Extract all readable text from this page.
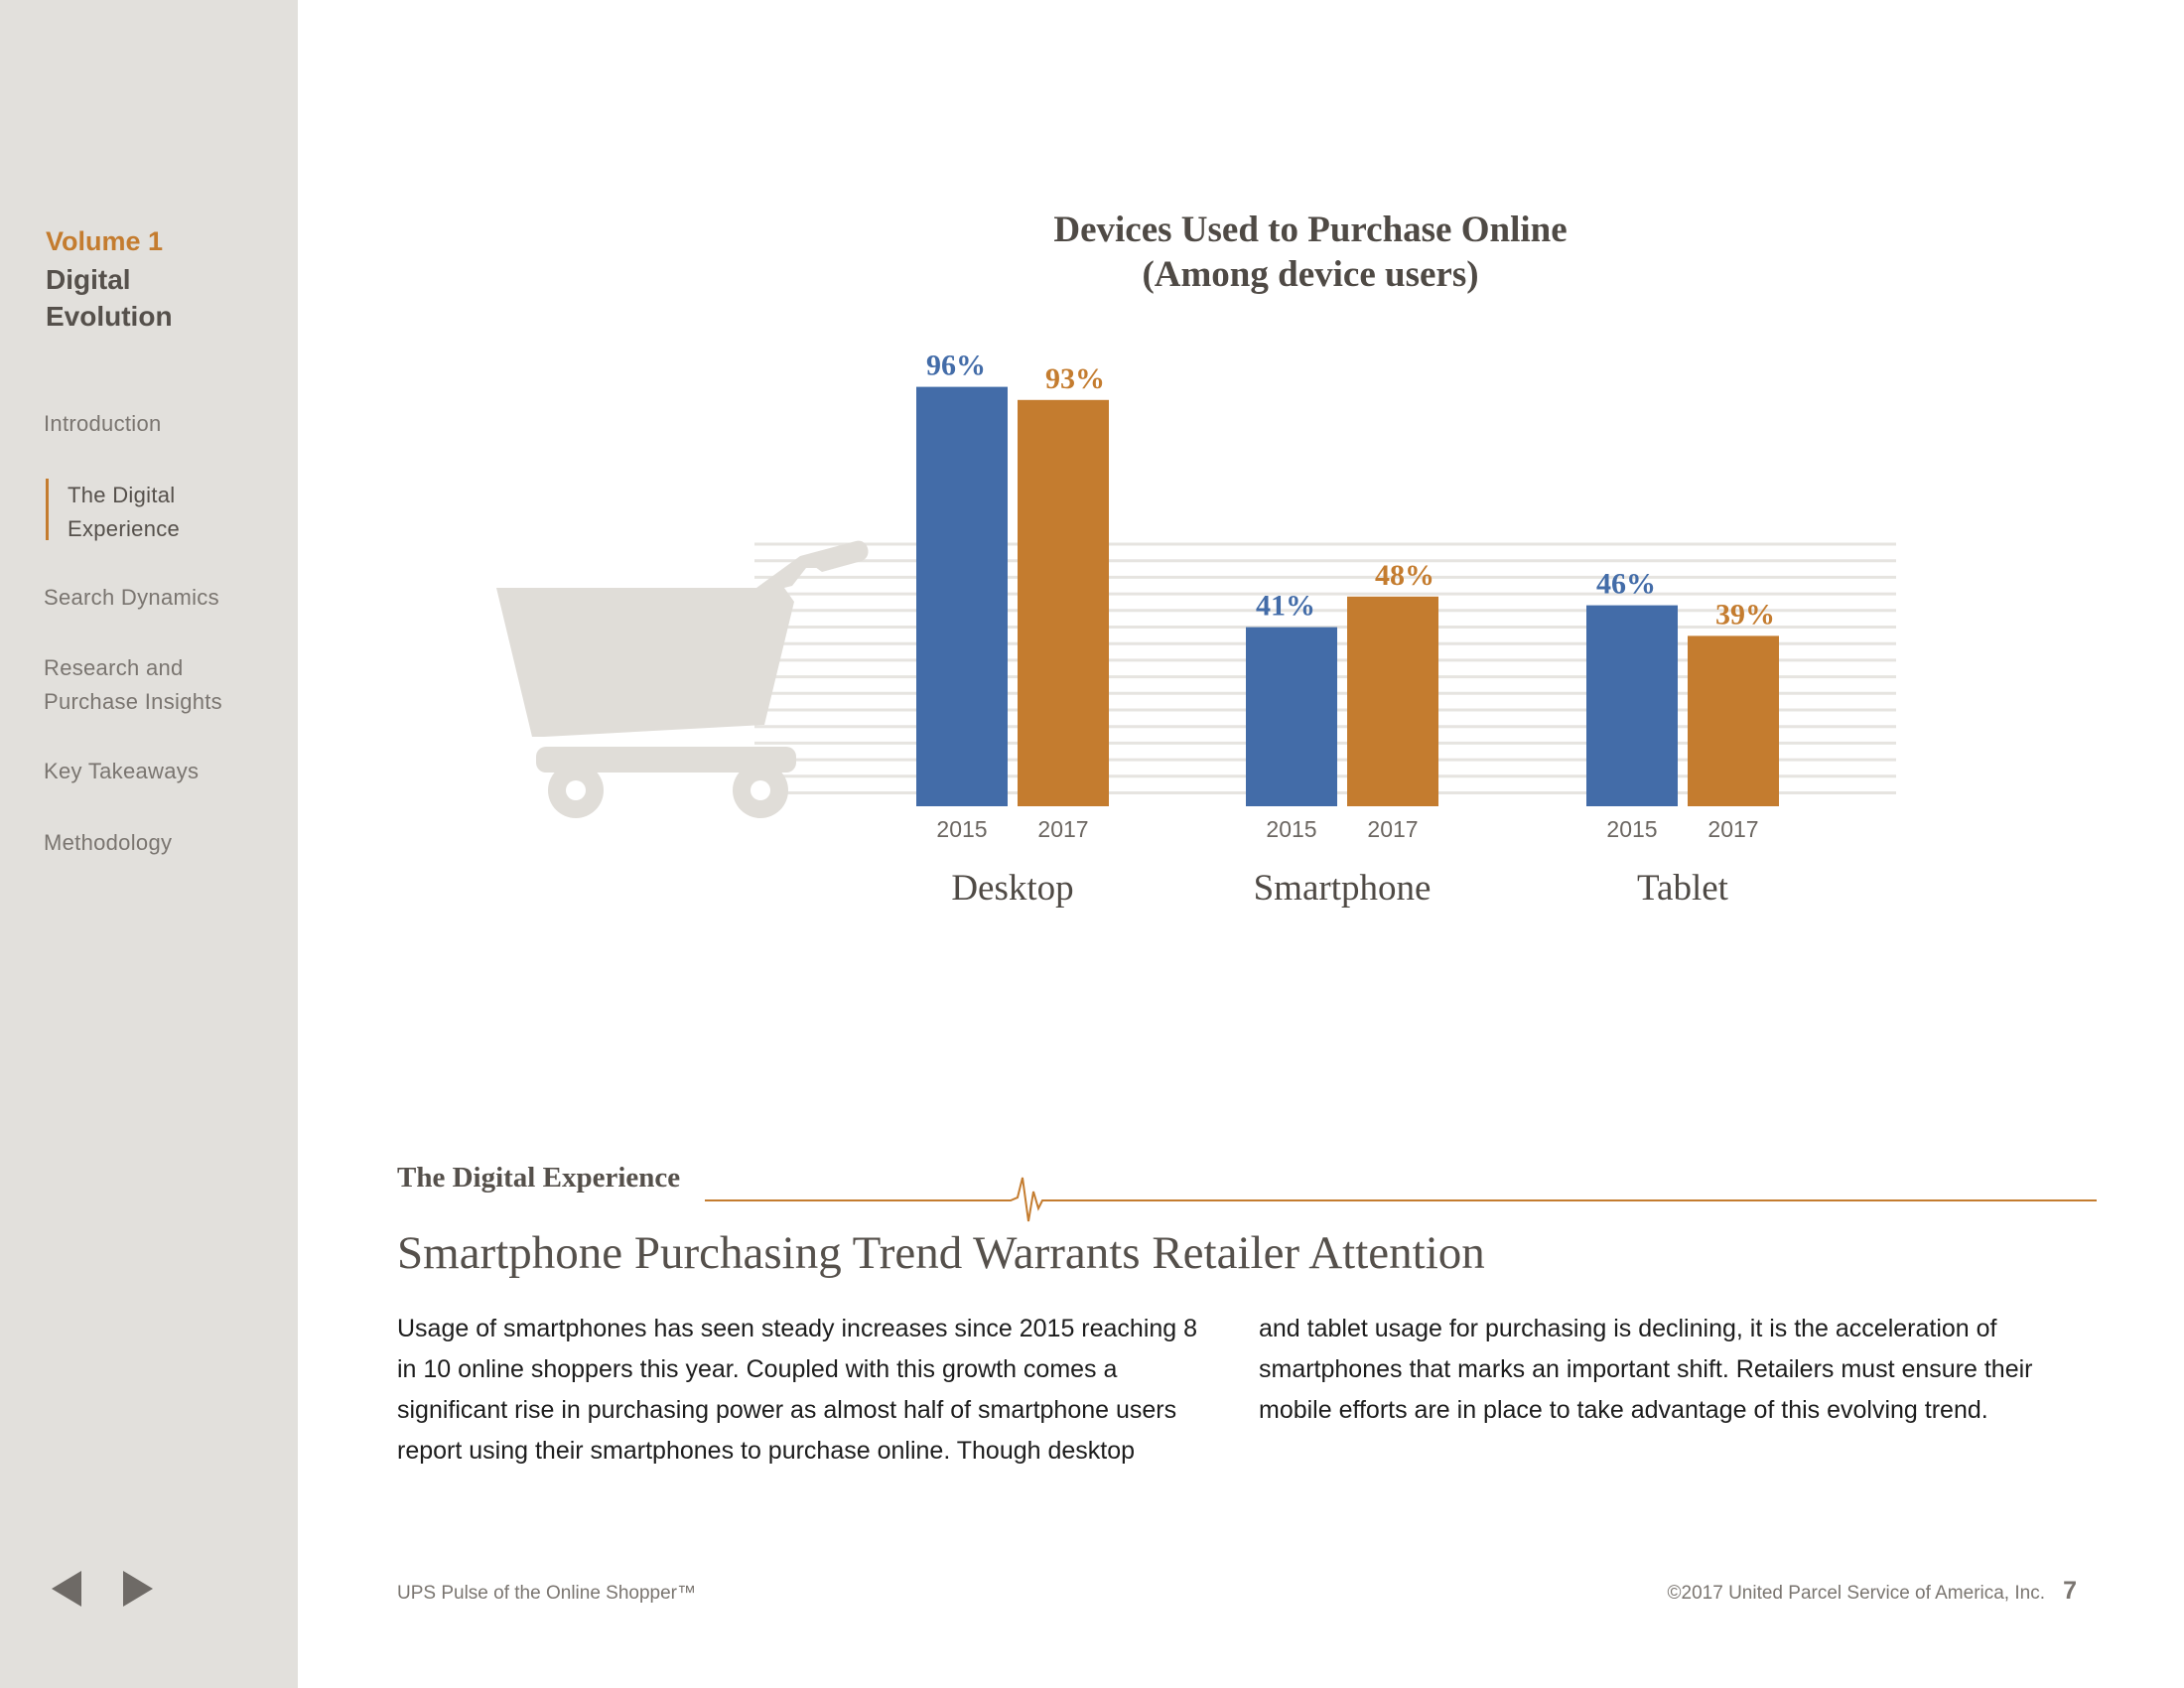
Volume 1
Digital Evolution
Introduction
The Digital Experience
Search Dynamics
Research and Purchase Insights
Key Takeaways
Methodology
Devices Used to Purchase Online
(Among device users)
96%
2015
93%
2017
Desktop
41%
2015
48%
2017
Smartphone
46%
2015
39%
2017
Tablet
The Digital Experience
Smartphone Purchasing Trend Warrants Retailer Attention
Usage of smartphones has seen steady increases since 2015 reaching 8 in 10 online shoppers this year. Coupled with this growth comes a significant rise in purchasing power as almost half of smartphone users report using their smartphones to purchase online. Though desktop
and tablet usage for purchasing is declining, it is the acceleration of smartphones that marks an important shift. Retailers must ensure their mobile efforts are in place to take advantage of this evolving trend.
UPS Pulse of the Online Shopper™	©2017 United Parcel Service of America, Inc. 7
